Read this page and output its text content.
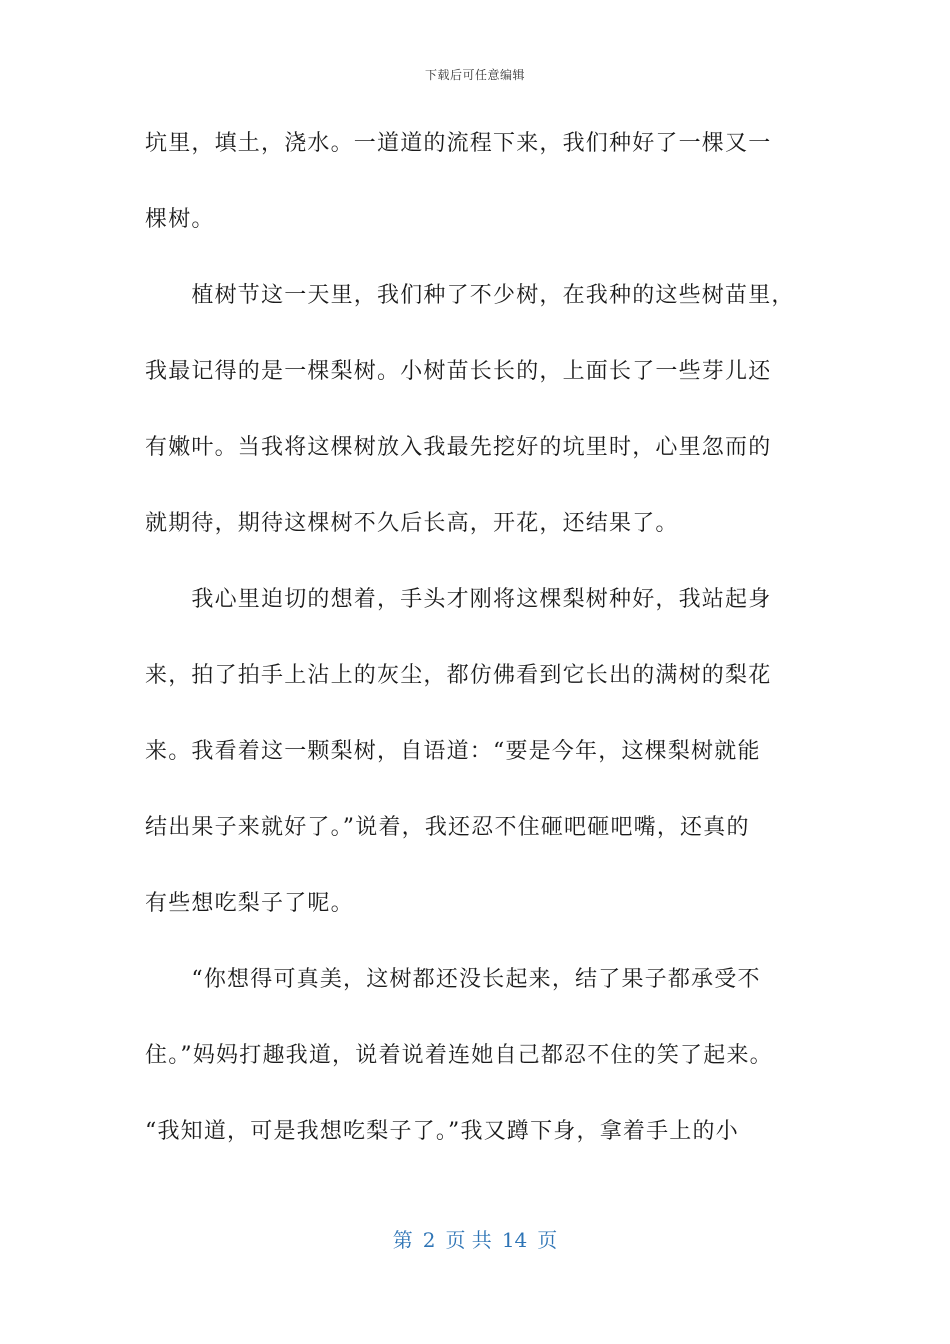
下载后可任意编辑
坑里，填土，浇水。一道道的流程下来，我们种好了一棵又一
棵树。
　　植树节这一天里，我们种了不少树，在我种的这些树苗里，
我最记得的是一棵梨树。小树苗长长的，上面长了一些芽儿还
有嫩叶。当我将这棵树放入我最先挖好的坑里时，心里忽而的
就期待，期待这棵树不久后长高，开花，还结果了。
　　我心里迫切的想着，手头才刚将这棵梨树种好，我站起身
来，拍了拍手上沾上的灰尘，都仿佛看到它长出的满树的梨花
来。我看着这一颗梨树，自语道：“要是今年，这棵梨树就能
结出果子来就好了。”说着，我还忍不住砸吧砸吧嘴，还真的
有些想吃梨子了呢。
　　“你想得可真美，这树都还没长起来，结了果子都承受不
住。”妈妈打趣我道，说着说着连她自己都忍不住的笑了起来。
“我知道，可是我想吃梨子了。”我又蹲下身，拿着手上的小
第 2 页 共 14 页
